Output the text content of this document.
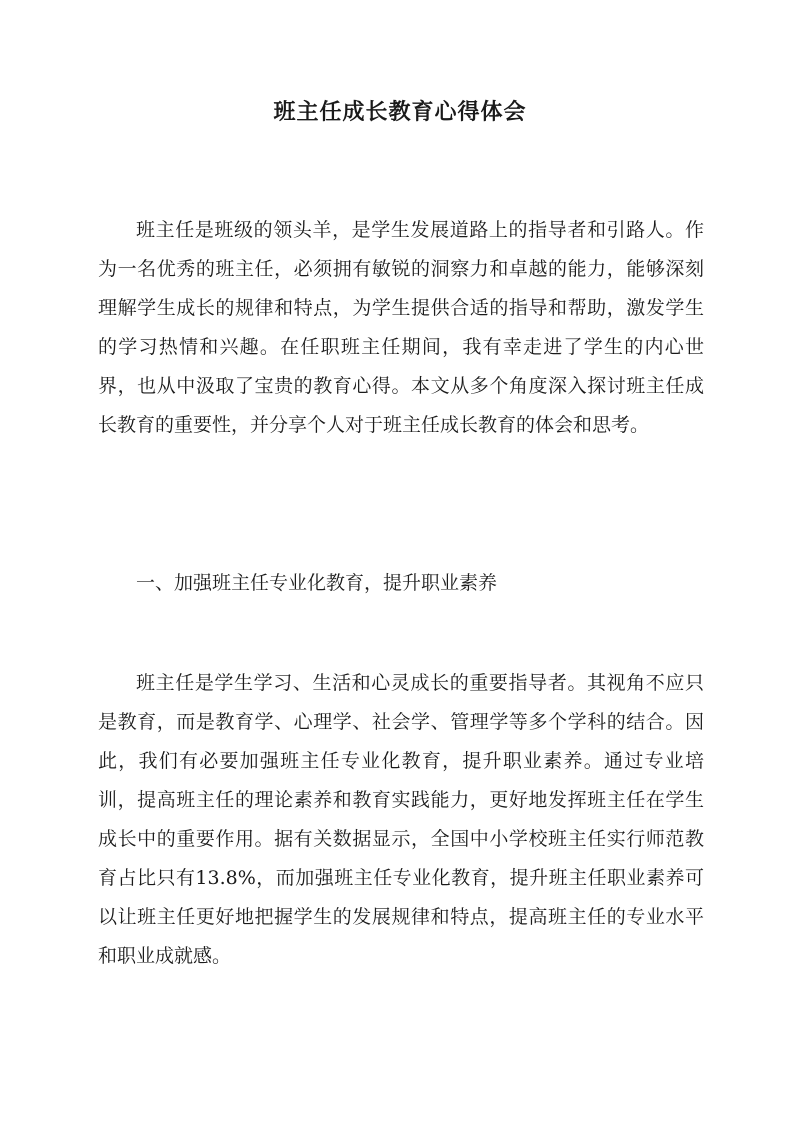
班主任成长教育心得体会

班主任是班级的领头羊，是学生发展道路上的指导者和引路人。作为一名优秀的班主任，必须拥有敏锐的洞察力和卓越的能力，能够深刻理解学生成长的规律和特点，为学生提供合适的指导和帮助，激发学生的学习热情和兴趣。在任职班主任期间，我有幸走进了学生的内心世界，也从中汲取了宝贵的教育心得。本文从多个角度深入探讨班主任成长教育的重要性，并分享个人对于班主任成长教育的体会和思考。

一、加强班主任专业化教育，提升职业素养

班主任是学生学习、生活和心灵成长的重要指导者。其视角不应只是教育，而是教育学、心理学、社会学、管理学等多个学科的结合。因此，我们有必要加强班主任专业化教育，提升职业素养。通过专业培训，提高班主任的理论素养和教育实践能力，更好地发挥班主任在学生成长中的重要作用。据有关数据显示，全国中小学校班主任实行师范教育占比只有13.8%，而加强班主任专业化教育，提升班主任职业素养可以让班主任更好地把握学生的发展规律和特点，提高班主任的专业水平和职业成就感。
